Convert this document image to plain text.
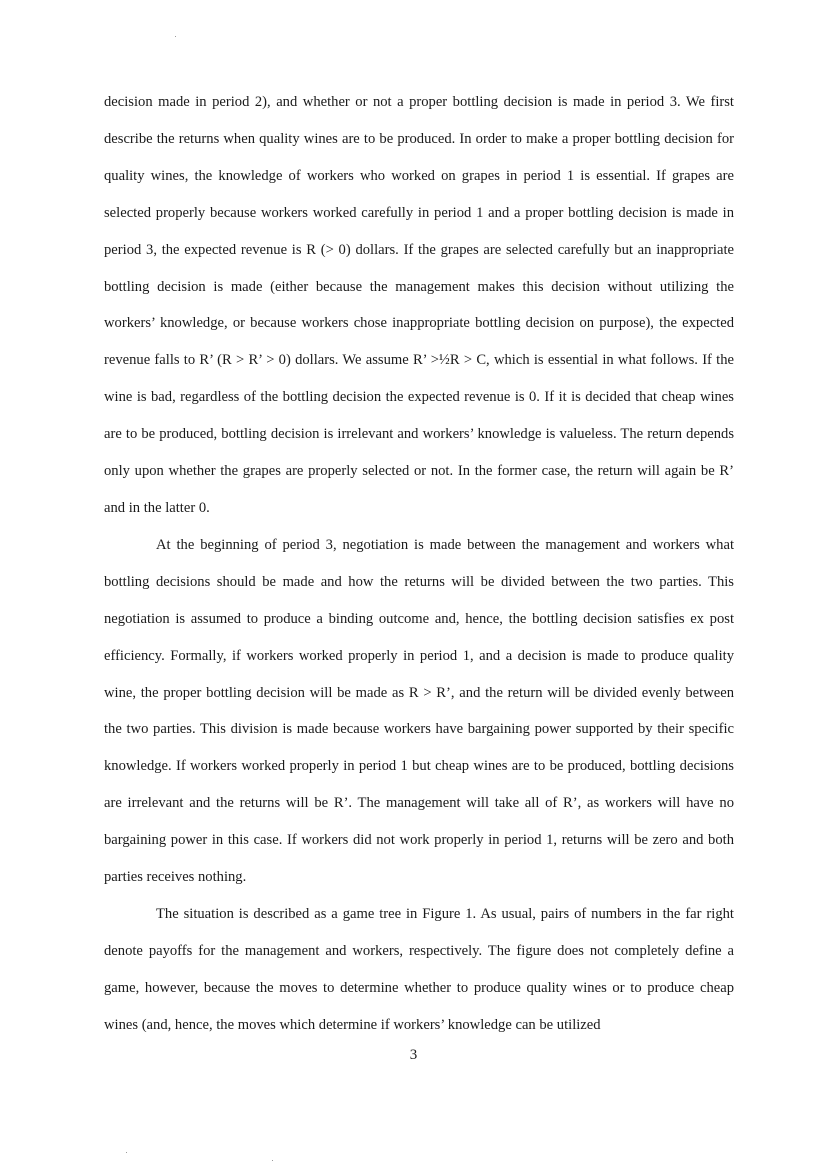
decision made in period 2), and whether or not a proper bottling decision is made in period 3. We first describe the returns when quality wines are to be produced. In order to make a proper bottling decision for quality wines, the knowledge of workers who worked on grapes in period 1 is essential. If grapes are selected properly because workers worked carefully in period 1 and a proper bottling decision is made in period 3, the expected revenue is R (> 0) dollars. If the grapes are selected carefully but an inappropriate bottling decision is made (either because the management makes this decision without utilizing the workers’ knowledge, or because workers chose inappropriate bottling decision on purpose), the expected revenue falls to R’ (R > R’ > 0) dollars. We assume R’ >½R > C, which is essential in what follows. If the wine is bad, regardless of the bottling decision the expected revenue is 0. If it is decided that cheap wines are to be produced, bottling decision is irrelevant and workers’ knowledge is valueless. The return depends only upon whether the grapes are properly selected or not. In the former case, the return will again be R’ and in the latter 0.

At the beginning of period 3, negotiation is made between the management and workers what bottling decisions should be made and how the returns will be divided between the two parties. This negotiation is assumed to produce a binding outcome and, hence, the bottling decision satisfies ex post efficiency. Formally, if workers worked properly in period 1, and a decision is made to produce quality wine, the proper bottling decision will be made as R > R’, and the return will be divided evenly between the two parties. This division is made because workers have bargaining power supported by their specific knowledge. If workers worked properly in period 1 but cheap wines are to be produced, bottling decisions are irrelevant and the returns will be R’. The management will take all of R’, as workers will have no bargaining power in this case. If workers did not work properly in period 1, returns will be zero and both parties receives nothing.

The situation is described as a game tree in Figure 1. As usual, pairs of numbers in the far right denote payoffs for the management and workers, respectively. The figure does not completely define a game, however, because the moves to determine whether to produce quality wines or to produce cheap wines (and, hence, the moves which determine if workers’ knowledge can be utilized

3
